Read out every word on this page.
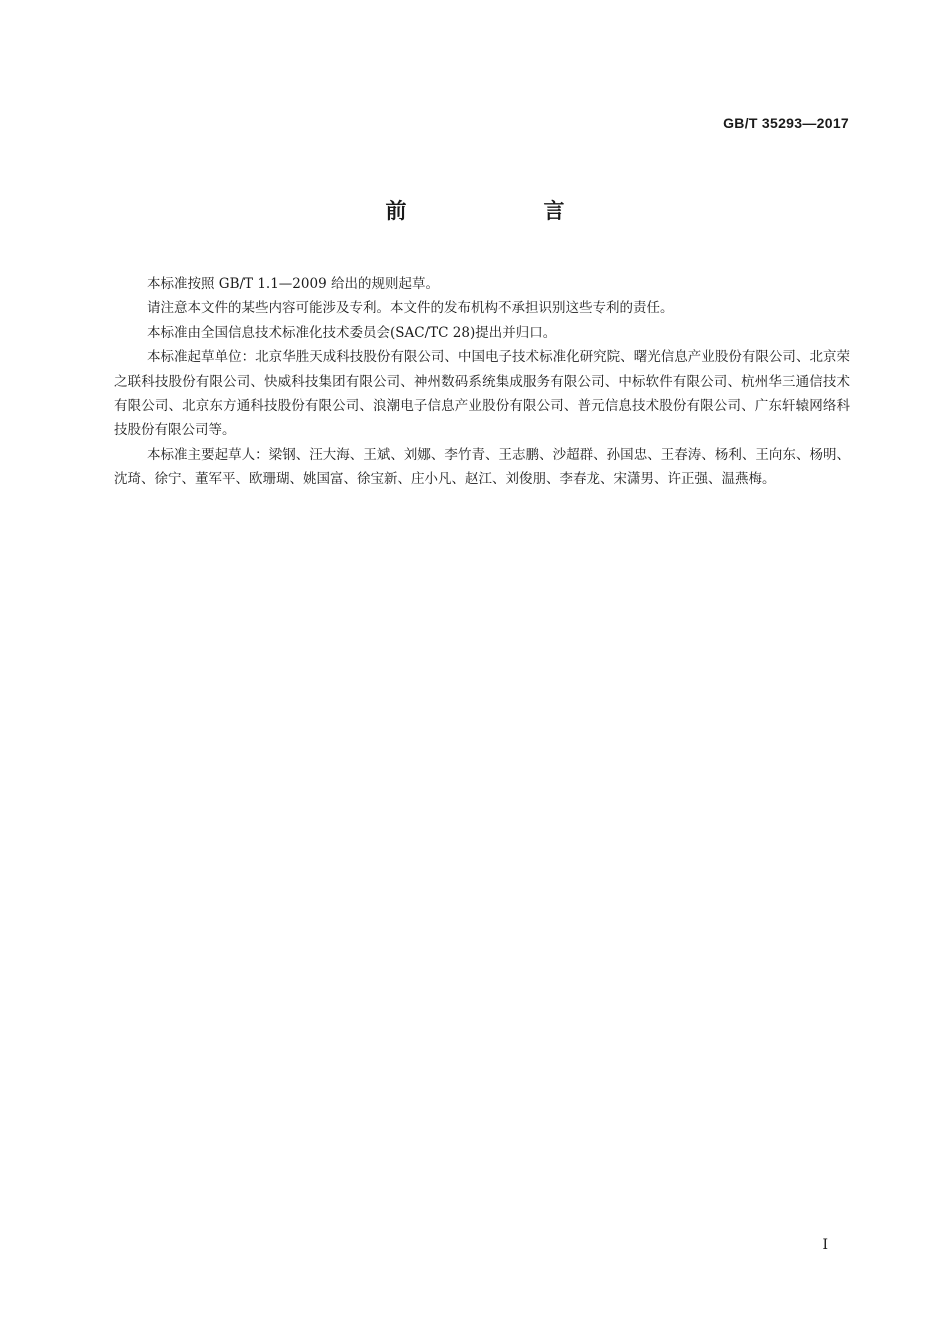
GB/T 35293—2017
前　言

本标准按照 GB/T 1.1—2009 给出的规则起草。

请注意本文件的某些内容可能涉及专利。本文件的发布机构不承担识别这些专利的责任。

本标准由全国信息技术标准化技术委员会(SAC/TC 28)提出并归口。

本标准起草单位：北京华胜天成科技股份有限公司、中国电子技术标准化研究院、曙光信息产业股份有限公司、北京荣之联科技股份有限公司、快威科技集团有限公司、神州数码系统集成服务有限公司、中标软件有限公司、杭州华三通信技术有限公司、北京东方通科技股份有限公司、浪潮电子信息产业股份有限公司、普元信息技术股份有限公司、广东轩辕网络科技股份有限公司等。

本标准主要起草人：梁钢、汪大海、王斌、刘娜、李竹青、王志鹏、沙超群、孙国忠、王春涛、杨利、王向东、杨明、沈琦、徐宁、董军平、欧珊瑚、姚国富、徐宝新、庄小凡、赵江、刘俊朋、李春龙、宋潇男、许正强、温燕梅。

Ⅰ
